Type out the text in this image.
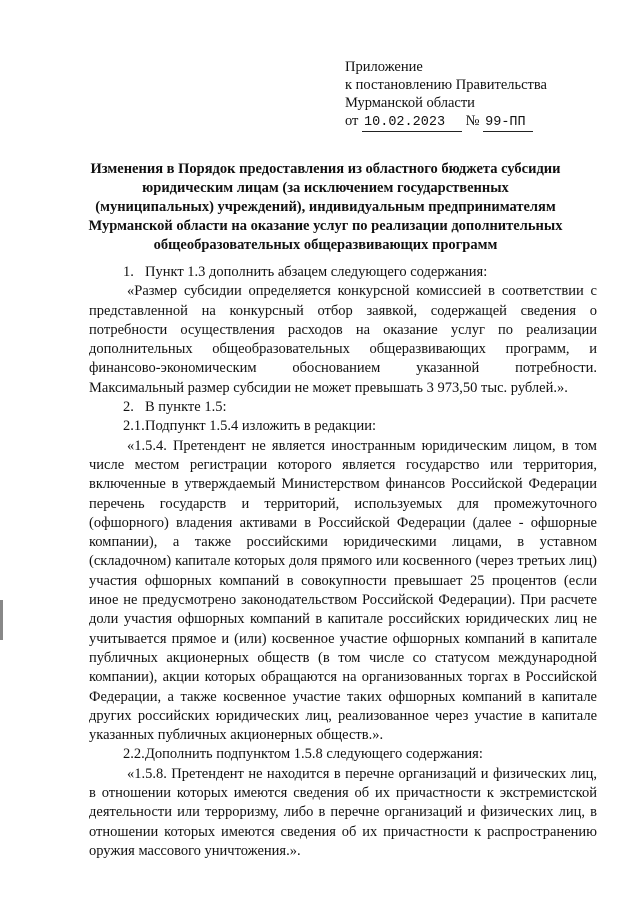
Приложение
к постановлению Правительства
Мурманской области
от 10.02.2023 № 99-ПП
Изменения в Порядок предоставления из областного бюджета субсидии
юридическим лицам (за исключением государственных
(муниципальных) учреждений), индивидуальным предпринимателям
Мурманской области на оказание услуг по реализации дополнительных
общеобразовательных общеразвивающих программ
1. Пункт 1.3 дополнить абзацем следующего содержания:

«Размер субсидии определяется конкурсной комиссией в соответствии с представленной на конкурсный отбор заявкой, содержащей сведения о потребности осуществления расходов на оказание услуг по реализации дополнительных общеобразовательных общеразвивающих программ, и финансово-экономическим обоснованием указанной потребности. Максимальный размер субсидии не может превышать 3 973,50 тыс. рублей.».

2. В пункте 1.5:
2.1. Подпункт 1.5.4 изложить в редакции:

«1.5.4. Претендент не является иностранным юридическим лицом, в том числе местом регистрации которого является государство или территория, включенные в утверждаемый Министерством финансов Российской Федерации перечень государств и территорий, используемых для промежуточного (офшорного) владения активами в Российской Федерации (далее - офшорные компании), а также российскими юридическими лицами, в уставном (складочном) капитале которых доля прямого или косвенного (через третьих лиц) участия офшорных компаний в совокупности превышает 25 процентов (если иное не предусмотрено законодательством Российской Федерации). При расчете доли участия офшорных компаний в капитале российских юридических лиц не учитывается прямое и (или) косвенное участие офшорных компаний в капитале публичных акционерных обществ (в том числе со статусом международной компании), акции которых обращаются на организованных торгах в Российской Федерации, а также косвенное участие таких офшорных компаний в капитале других российских юридических лиц, реализованное через участие в капитале указанных публичных акционерных обществ.».

2.2. Дополнить подпунктом 1.5.8 следующего содержания:

«1.5.8. Претендент не находится в перечне организаций и физических лиц, в отношении которых имеются сведения об их причастности к экстремистской деятельности или терроризму, либо в перечне организаций и физических лиц, в отношении которых имеются сведения об их причастности к распространению оружия массового уничтожения.».
